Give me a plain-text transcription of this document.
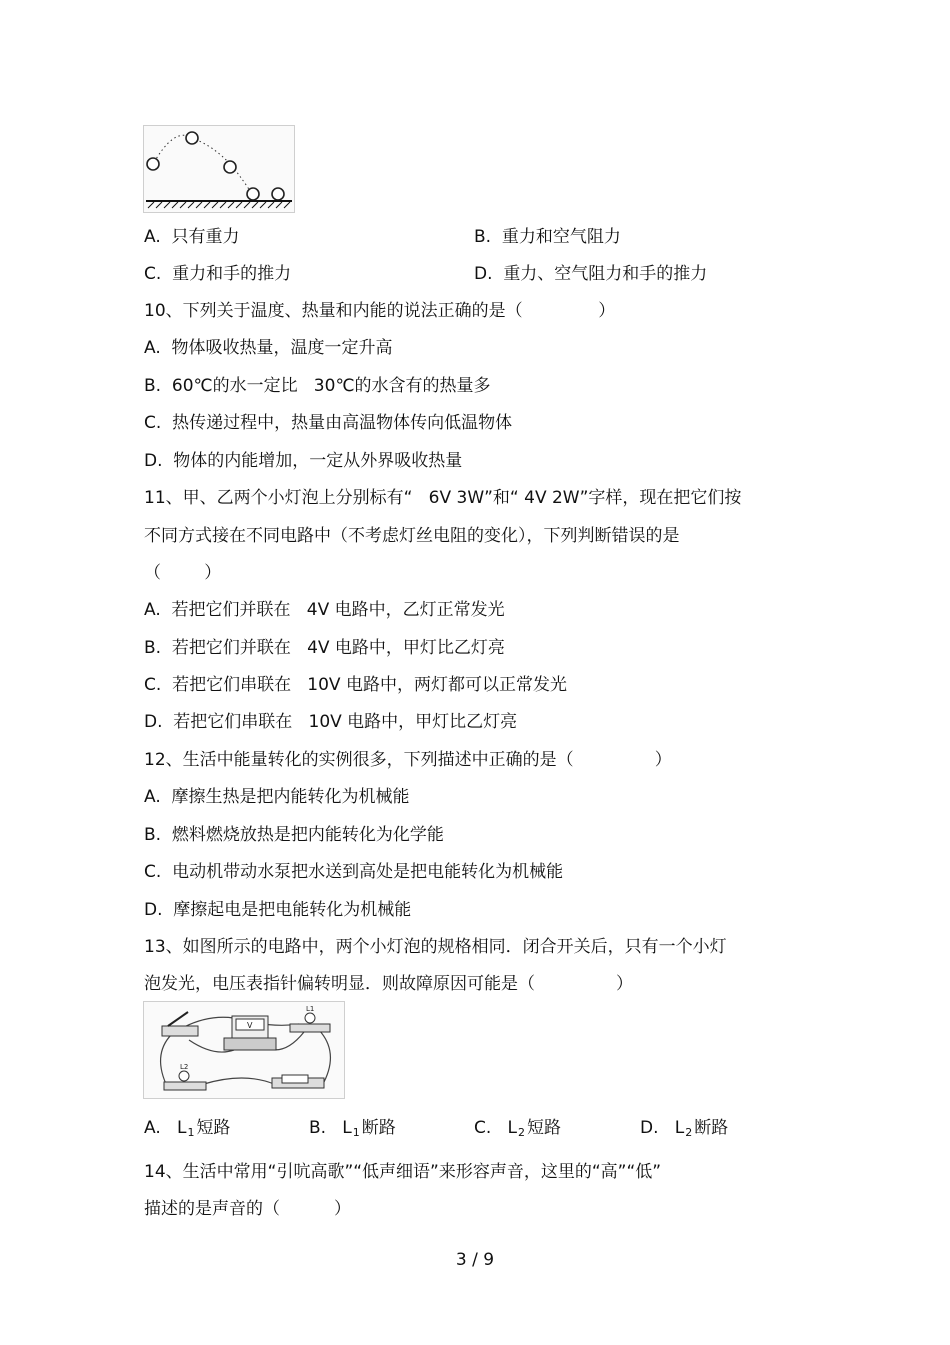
A. 只有重力	B. 重力和空气阻力
C. 重力和手的推力	D. 重力、空气阻力和手的推力
10、下列关于温度、热量和内能的说法正确的是（              ）
A.  物体吸收热量，温度一定升高
B.  60℃的水一定比   30℃的水含有的热量多
C.  热传递过程中，热量由高温物体传向低温物体
D.  物体的内能增加，一定从外界吸收热量
11、甲、乙两个小灯泡上分别标有“   6V 3W”和“ 4V 2W”字样，现在把它们按
不同方式接在不同电路中（不考虑灯丝电阻的变化），下列判断错误的是
（        ）
A.  若把它们并联在   4V 电路中，乙灯正常发光
B.  若把它们并联在   4V 电路中，甲灯比乙灯亮
C.  若把它们串联在   10V 电路中，两灯都可以正常发光
D.  若把它们串联在   10V 电路中，甲灯比乙灯亮
12、生活中能量转化的实例很多，下列描述中正确的是（               ）
A.  摩擦生热是把内能转化为机械能
B.  燃料燃烧放热是把内能转化为化学能
C.  电动机带动水泵把水送到高处是把电能转化为机械能
D.  摩擦起电是把电能转化为机械能
13、如图所示的电路中，两个小灯泡的规格相同．闭合开关后，只有一个小灯
泡发光，电压表指针偏转明显．则故障原因可能是（               ）
V
L1
L2
A. $L_1$ 短路	B. $L_1$ 断路	C. $L_2$ 短路	D. $L_2$ 断路
14、生活中常用“引吭高歌”“低声细语”来形容声音，这里的“高”“低”
描述的是声音的（          ）
3 / 9
